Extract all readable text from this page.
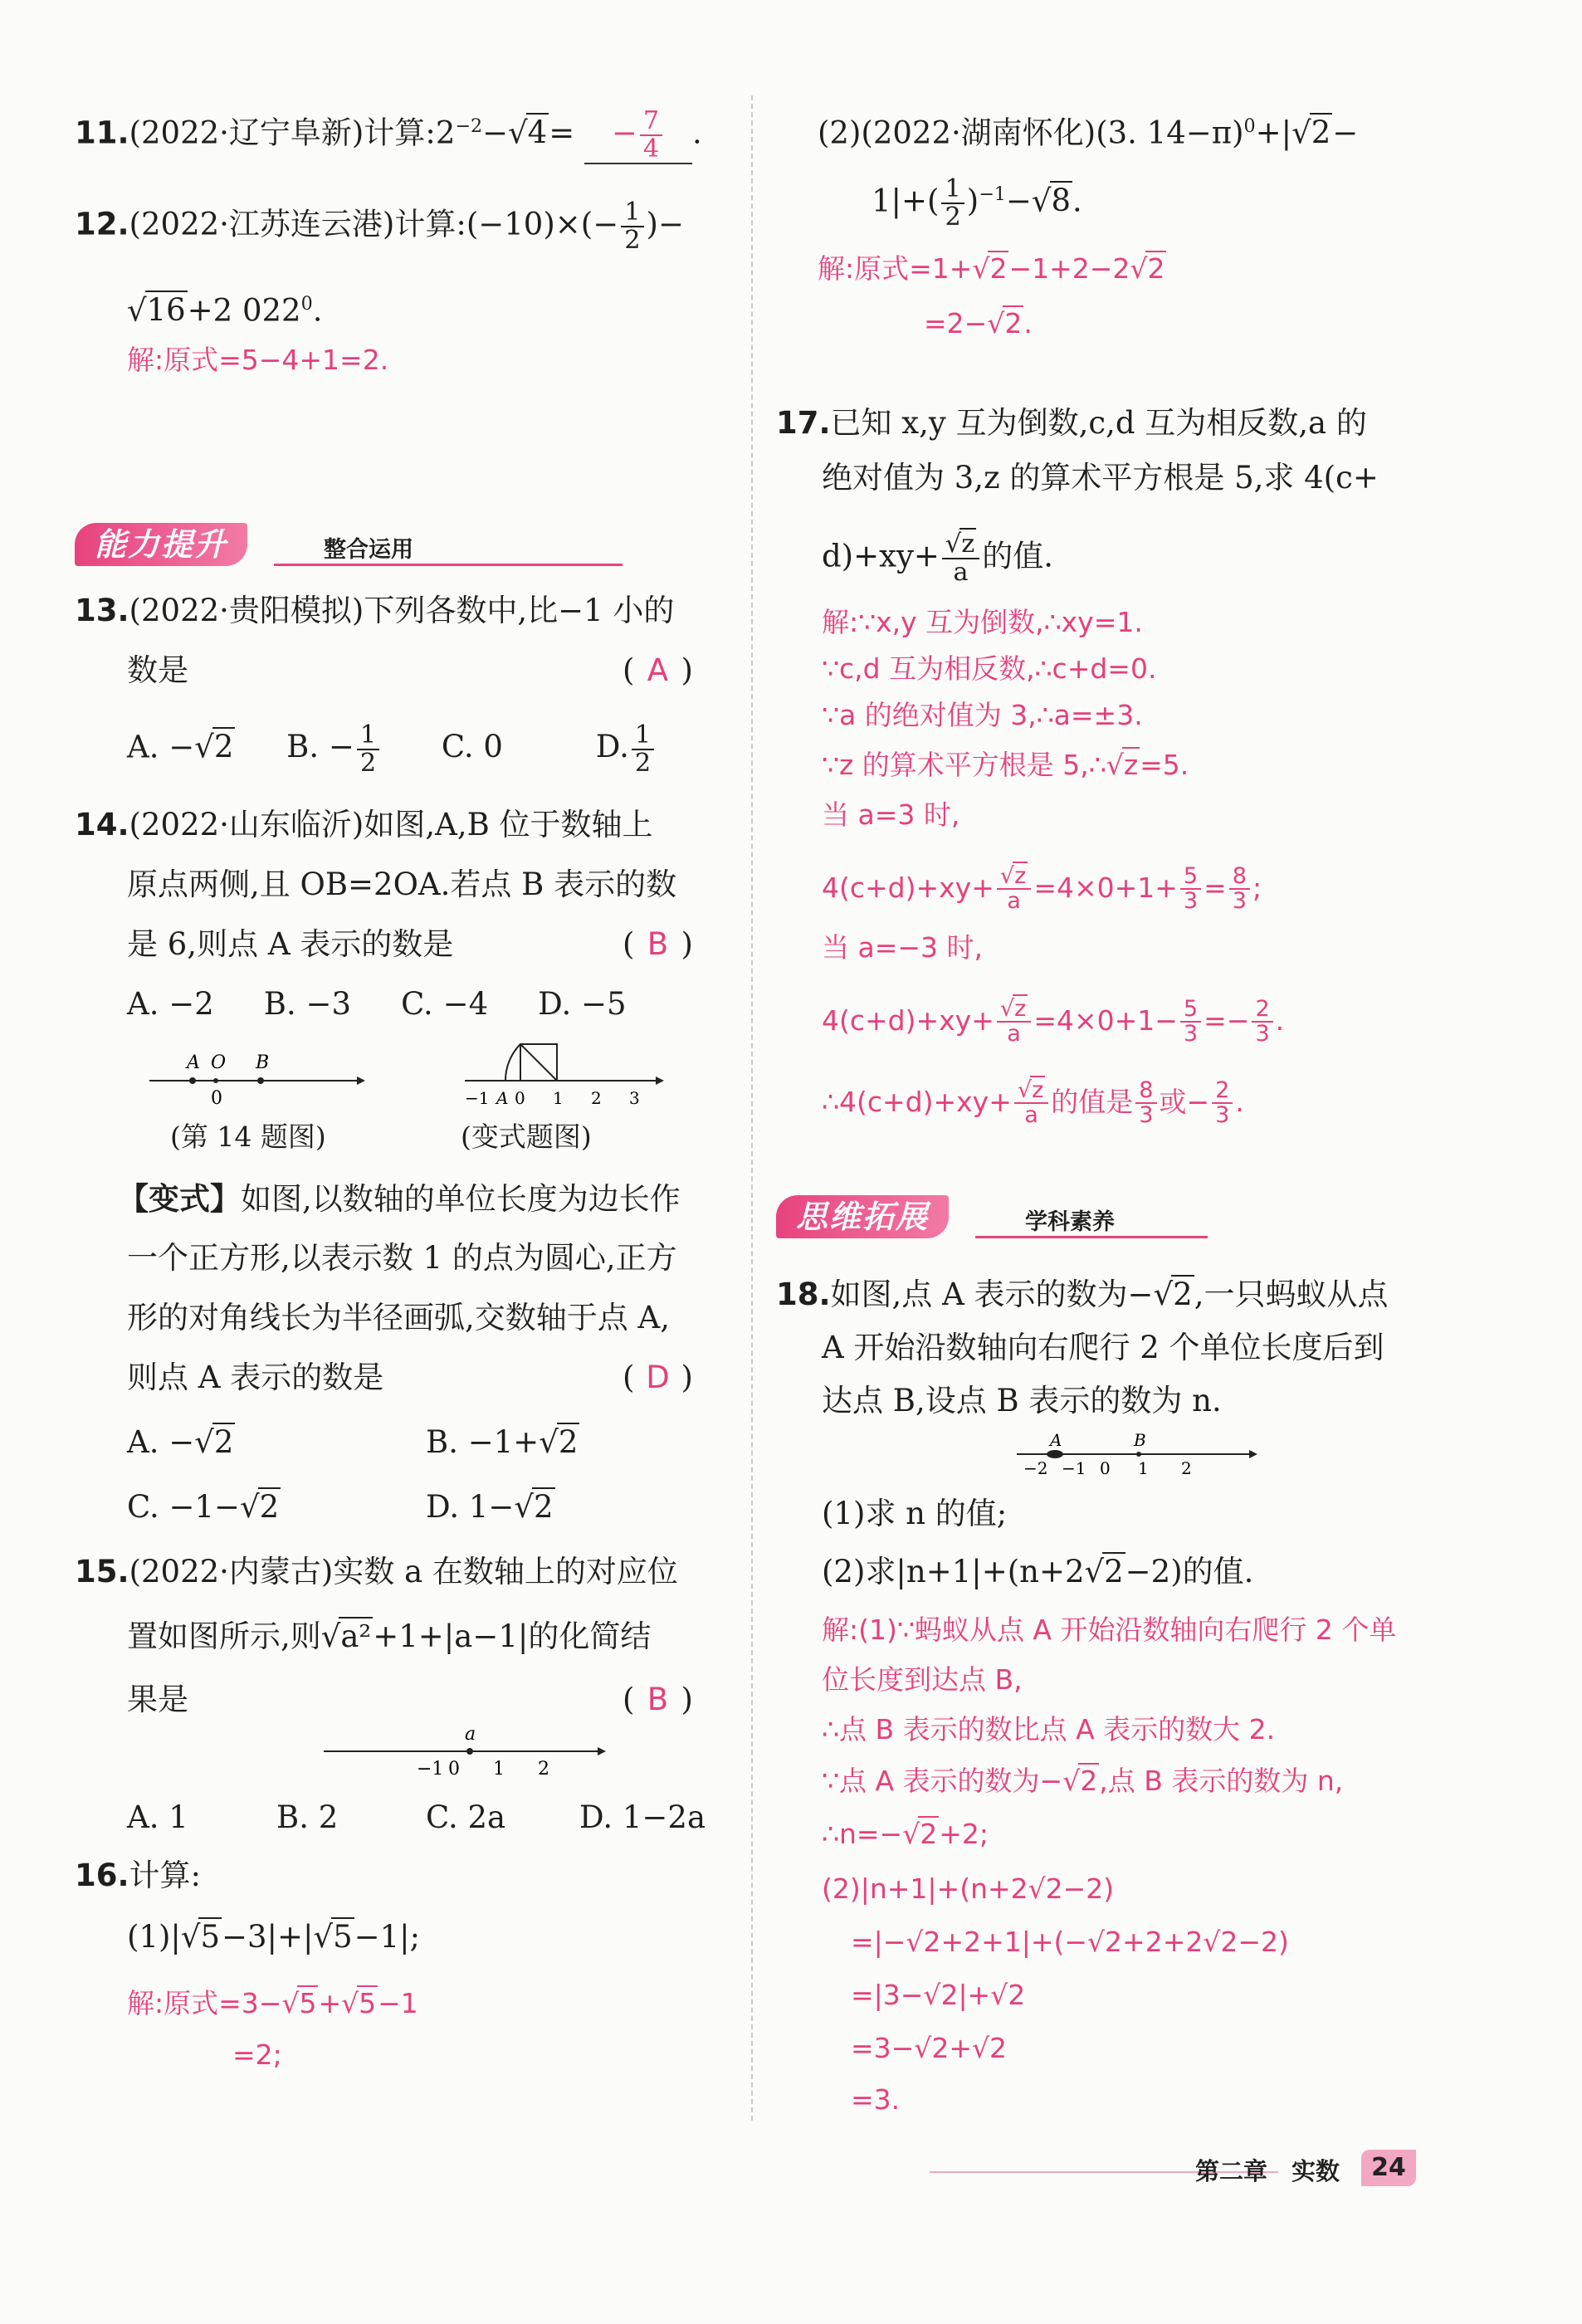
11.(2022·辽宁阜新)计算$:2^{-2}-√4= - \frac{7}{4}$ .
12.(2022·江苏连云港)计算:(−10)×(− $\frac{1}{2}$ )−
√16+2 $022^0$.
解:原式=5−4+1=2.
能力提升	整合运用
13.(2022·贵阳模拟)下列各数中,比−1 小的
数是	( A )
A. −√2 B. − $\frac{1}{2} C$. 0	D. $\frac{1}{2}$
14.(2022·山东临沂)如图,A,B 位于数轴上
原点两侧,且 OB=2OA.若点 B 表示的数
是 6,则点 A 表示的数是	( B )
A. −2 B. −3 C. −4 D. −5
A O B
0	−1 A 0 1 2 3
(第 14 题图)	(变式题图)
【变式】如图,以数轴的单位长度为边长作
一个正方形,以表示数 1 的点为圆心,正方
形的对角线长为半径画弧,交数轴于点 A,
则点 A 表示的数是	( D )
A. −√2	B. −1+√2
C. −1−√2	D. 1−√2
15.(2022·内蒙古)实数 a 在数轴上的对应位
置如图所示,则√a²+1+|a−1|的化简结
果是	( B )
a
−1 0 1 2
A. 1	B. 2	C. 2a D. 1−2a
16.计算:
(1)|√5−3|+|√5−1|;
解:原式=3−√5+√5−1
=2;
(2)(2022·湖南怀化)(3. 14−π)$^0$+|√2−
$1|+( \frac{1}{2} )^{-1}-√8$.
解:原式=1+√2−1+2−2√2
=2−√2.
17.已知 x,y 互为倒数,c,d 互为相反数,a 的
绝对值为 3,z 的算术平方根是 5,求 4(c+
$d)+xy+ \frac{√z}{a}$ 的值.
解:∵x,y 互为倒数,∴xy=1.
∵c,d 互为相反数,∴c+d=0.
∵a 的绝对值为 3,∴a=±3.
∵z 的算术平方根是 5,∴√z=5.
当 a=3 时,
$4(c+d)+xy+ \frac{√z}{a} =4\times 0+1+ \frac{5}{3} = \frac{8}{3}$ ;
当 a=−3 时,
$4(c+d)+xy+ \frac{√z}{a} =4\times 0+1- \frac{5}{3} =- \frac{2}{3}$ .
∴4(c+d)+xy+ $\frac{√z}{a}$ 的值是 $\frac{8}{3}$ 或− $\frac{2}{3}$ .
思维拓展	学科素养
18.如图,点 A 表示的数为−√2,一只蚂蚁从点
A 开始沿数轴向右爬行 2 个单位长度后到
达点 B,设点 B 表示的数为 n.
A	B
−2 −1 0 1 2
(1)求 n 的值;
(2)求|n+1|+(n+2√2−2)的值.
解:(1)∵蚂蚁从点 A 开始沿数轴向右爬行 2 个单
位长度到达点 B,
∴点 B 表示的数比点 A 表示的数大 2.
∵点 A 表示的数为−√2,点 B 表示的数为 n,
∴n=−√2+2;
(2)|n+1|+(n+2√2−2)
=|−√2+2+1|+(−√2+2+2√2−2)
=|3−√2|+√2
=3−√2+√2
=3.
第二章　实数	24
